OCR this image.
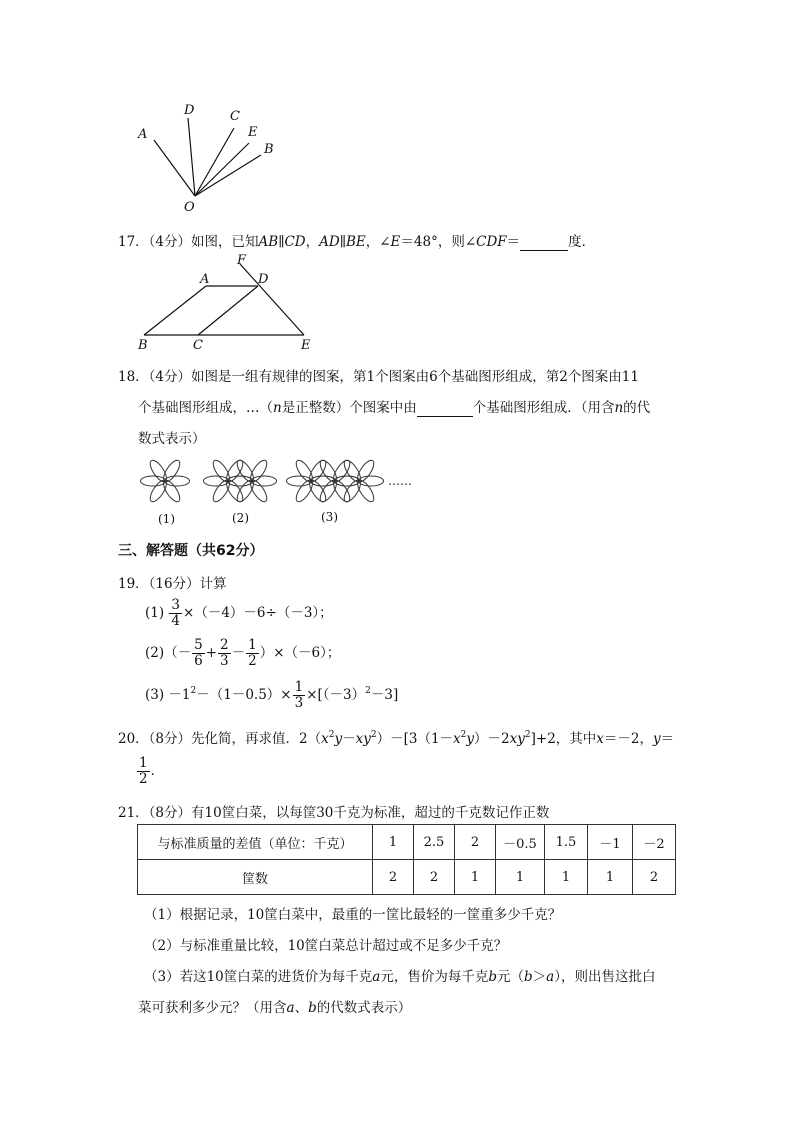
A
D	C
E
B
O
17．（4分）如图，已知AB∥CD，AD∥BE，∠E＝48°，则∠CDF＝	度．
F
A	D
B	C	E
18．（4分）如图是一组有规律的图案，第1个图案由6个基础图形组成，第2个图案由11
个基础图形组成，…（n是正整数）个图案中由	个基础图形组成．（用含n的代
数式表示）
(1)	(2)	(3)
……
三、解答题（共62分）
19．（16分）计算
$(1) \frac{3}{4} \times(-4)-6\div(-3)$；
$(2)(- \frac{5}{6} + \frac{2}{3} - \frac{1}{2} )\times(-6)$；
$(3) -1^2-(1-0.5)\times \frac{1}{3} \times[(-3)^2-3]$
20．（8分）先化简，再求值．$2(x^2y-xy^2)-[3(1-x^2y)-2xy^2]+2$，其中x＝－2，y＝
$\frac{1}{2}$ ．
21．（8分）有10筐白菜，以每筐30千克为标准，超过的千克数记作正数
与标准质量的差值（单位：千克）	1	2.5	2	－0.5	1.5	－1	－2
筐数	2	2	1	1	1	1	2
（1）根据记录，10筐白菜中，最重的一筐比最轻的一筐重多少千克？
（2）与标准重量比较，10筐白菜总计超过或不足多少千克？
（3）若这10筐白菜的进货价为每千克a元，售价为每千克b元（b＞a），则出售这批白
菜可获利多少元？（用含a、b的代数式表示）
